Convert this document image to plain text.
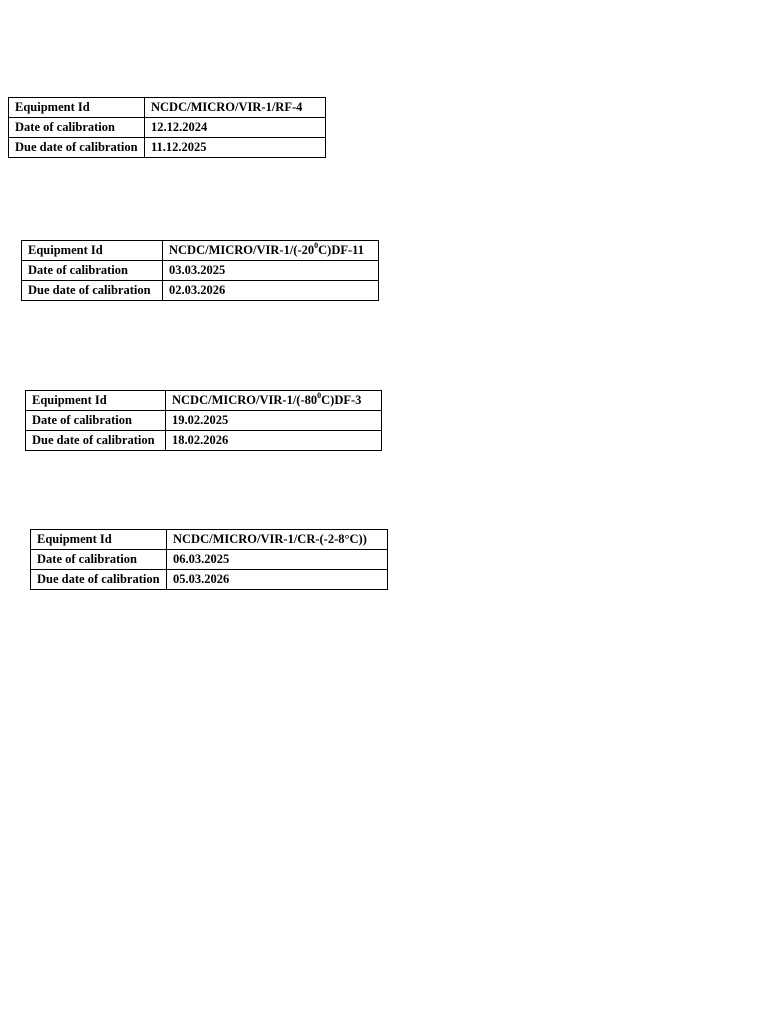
Equipment Id	NCDC/MICRO/VIR-1/RF-4
Date of calibration	12.12.2024
Due date of calibration	11.12.2025
Equipment Id	NCDC/$MICRO/VIR-1/(-20^0C)DF-11$
Date of calibration	03.03.2025
Due date of calibration	02.03.2026
Equipment Id	NCDC/$MICRO/VIR-1/(-80^0C)DF-3$
Date of calibration	19.02.2025
Due date of calibration	18.02.2026
Equipment Id	NCDC/MICRO/VIR-1/CR-(-2-8°C))
Date of calibration	06.03.2025
Due date of calibration	05.03.2026
